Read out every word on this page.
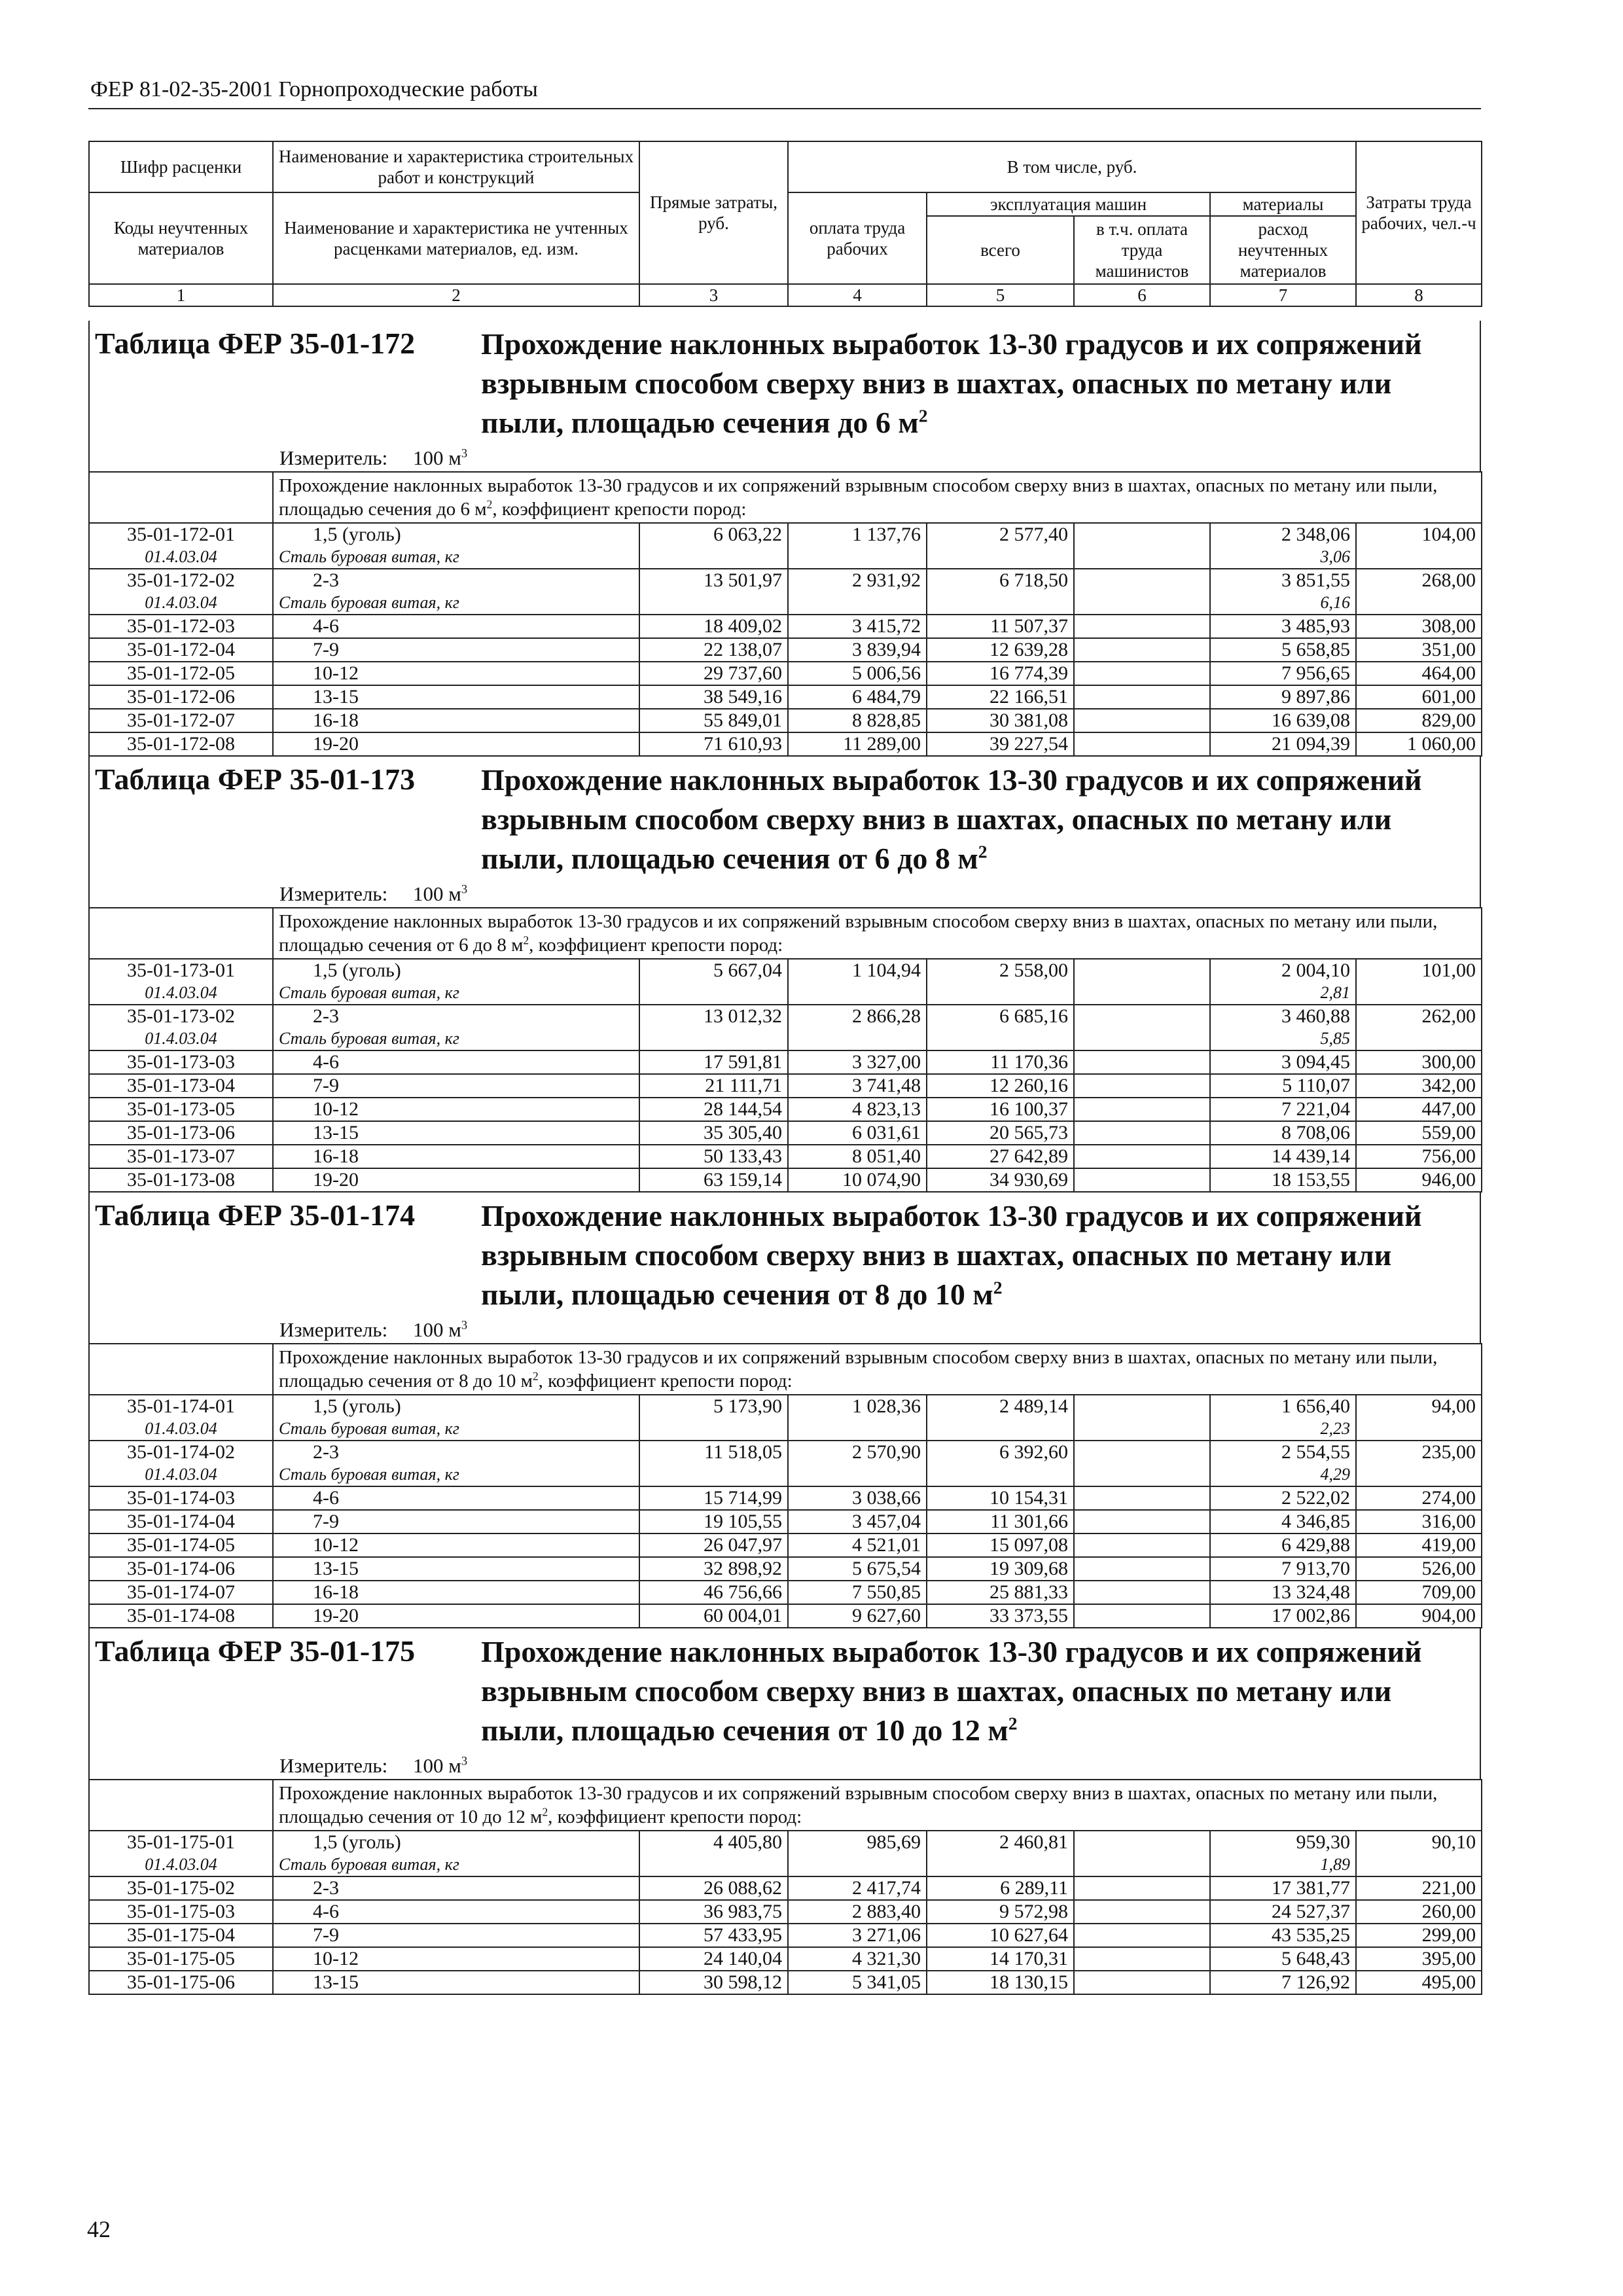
ФЕР 81-02-35-2001 Горнопроходческие работы
Шифр расценки	Наименование и характеристика строительных работ и конструкций	Прямые затраты, руб.	В том числе, руб.				Затраты труда рабочих, чел.-ч
Коды неучтенных материалов	Наименование и характеристика не учтенных расценками материалов, ед. изм.		оплата труда рабочих	эксплуатация машин		материалы	
				всего	в т.ч. оплата труда машинистов	расход неучтенных материалов	
1	2	3	4	5	6	7	8
Таблица ФЕР 35-01-172	Прохождение наклонных выработок 13-30 градусов и их сопряжений взрывным способом сверху вниз в шахтах, опасных по метану или пыли, площадью сечения до 6 $м^2$
Измеритель: 100 $м^3$
	Прохождение наклонных выработок 13-30 градусов и их сопряжений взрывным способом сверху вниз в шахтах, опасных по метану или пыли, площадью сечения до 6 $м^2$, коэффициент крепости пород:						
35-01-172-01	1,5 (уголь)	6 063,22	1 137,76	2 577,40		2 348,06	104,00
01.4.03.04	Сталь буровая витая, кг					3,06	
35-01-172-02	2-3	13 501,97	2 931,92	6 718,50		3 851,55	268,00
01.4.03.04	Сталь буровая витая, кг					6,16	
35-01-172-03	4-6	18 409,02	3 415,72	11 507,37		3 485,93	308,00
35-01-172-04	7-9	22 138,07	3 839,94	12 639,28		5 658,85	351,00
35-01-172-05	10-12	29 737,60	5 006,56	16 774,39		7 956,65	464,00
35-01-172-06	13-15	38 549,16	6 484,79	22 166,51		9 897,86	601,00
35-01-172-07	16-18	55 849,01	8 828,85	30 381,08		16 639,08	829,00
35-01-172-08	19-20	71 610,93	11 289,00	39 227,54		21 094,39	1 060,00
Таблица ФЕР 35-01-173	Прохождение наклонных выработок 13-30 градусов и их сопряжений взрывным способом сверху вниз в шахтах, опасных по метану или пыли, площадью сечения от 6 до 8 $м^2$
Измеритель: 100 $м^3$
	Прохождение наклонных выработок 13-30 градусов и их сопряжений взрывным способом сверху вниз в шахтах, опасных по метану или пыли, площадью сечения от 6 до 8 $м^2$, коэффициент крепости пород:						
35-01-173-01	1,5 (уголь)	5 667,04	1 104,94	2 558,00		2 004,10	101,00
01.4.03.04	Сталь буровая витая, кг					2,81	
35-01-173-02	2-3	13 012,32	2 866,28	6 685,16		3 460,88	262,00
01.4.03.04	Сталь буровая витая, кг					5,85	
35-01-173-03	4-6	17 591,81	3 327,00	11 170,36		3 094,45	300,00
35-01-173-04	7-9	21 111,71	3 741,48	12 260,16		5 110,07	342,00
35-01-173-05	10-12	28 144,54	4 823,13	16 100,37		7 221,04	447,00
35-01-173-06	13-15	35 305,40	6 031,61	20 565,73		8 708,06	559,00
35-01-173-07	16-18	50 133,43	8 051,40	27 642,89		14 439,14	756,00
35-01-173-08	19-20	63 159,14	10 074,90	34 930,69		18 153,55	946,00
Таблица ФЕР 35-01-174	Прохождение наклонных выработок 13-30 градусов и их сопряжений взрывным способом сверху вниз в шахтах, опасных по метану или пыли, площадью сечения от 8 до 10 $м^2$
Измеритель: 100 $м^3$
	Прохождение наклонных выработок 13-30 градусов и их сопряжений взрывным способом сверху вниз в шахтах, опасных по метану или пыли, площадью сечения от 8 до 10 $м^2$, коэффициент крепости пород:						
35-01-174-01	1,5 (уголь)	5 173,90	1 028,36	2 489,14		1 656,40	94,00
01.4.03.04	Сталь буровая витая, кг					2,23	
35-01-174-02	2-3	11 518,05	2 570,90	6 392,60		2 554,55	235,00
01.4.03.04	Сталь буровая витая, кг					4,29	
35-01-174-03	4-6	15 714,99	3 038,66	10 154,31		2 522,02	274,00
35-01-174-04	7-9	19 105,55	3 457,04	11 301,66		4 346,85	316,00
35-01-174-05	10-12	26 047,97	4 521,01	15 097,08		6 429,88	419,00
35-01-174-06	13-15	32 898,92	5 675,54	19 309,68		7 913,70	526,00
35-01-174-07	16-18	46 756,66	7 550,85	25 881,33		13 324,48	709,00
35-01-174-08	19-20	60 004,01	9 627,60	33 373,55		17 002,86	904,00
Таблица ФЕР 35-01-175	Прохождение наклонных выработок 13-30 градусов и их сопряжений взрывным способом сверху вниз в шахтах, опасных по метану или пыли, площадью сечения от 10 до 12 $м^2$
Измеритель: 100 $м^3$
	Прохождение наклонных выработок 13-30 градусов и их сопряжений взрывным способом сверху вниз в шахтах, опасных по метану или пыли, площадью сечения от 10 до 12 $м^2$, коэффициент крепости пород:						
35-01-175-01	1,5 (уголь)	4 405,80	985,69	2 460,81		959,30	90,10
01.4.03.04	Сталь буровая витая, кг					1,89	
35-01-175-02	2-3	26 088,62	2 417,74	6 289,11		17 381,77	221,00
35-01-175-03	4-6	36 983,75	2 883,40	9 572,98		24 527,37	260,00
35-01-175-04	7-9	57 433,95	3 271,06	10 627,64		43 535,25	299,00
35-01-175-05	10-12	24 140,04	4 321,30	14 170,31		5 648,43	395,00
35-01-175-06	13-15	30 598,12	5 341,05	18 130,15		7 126,92	495,00
42
